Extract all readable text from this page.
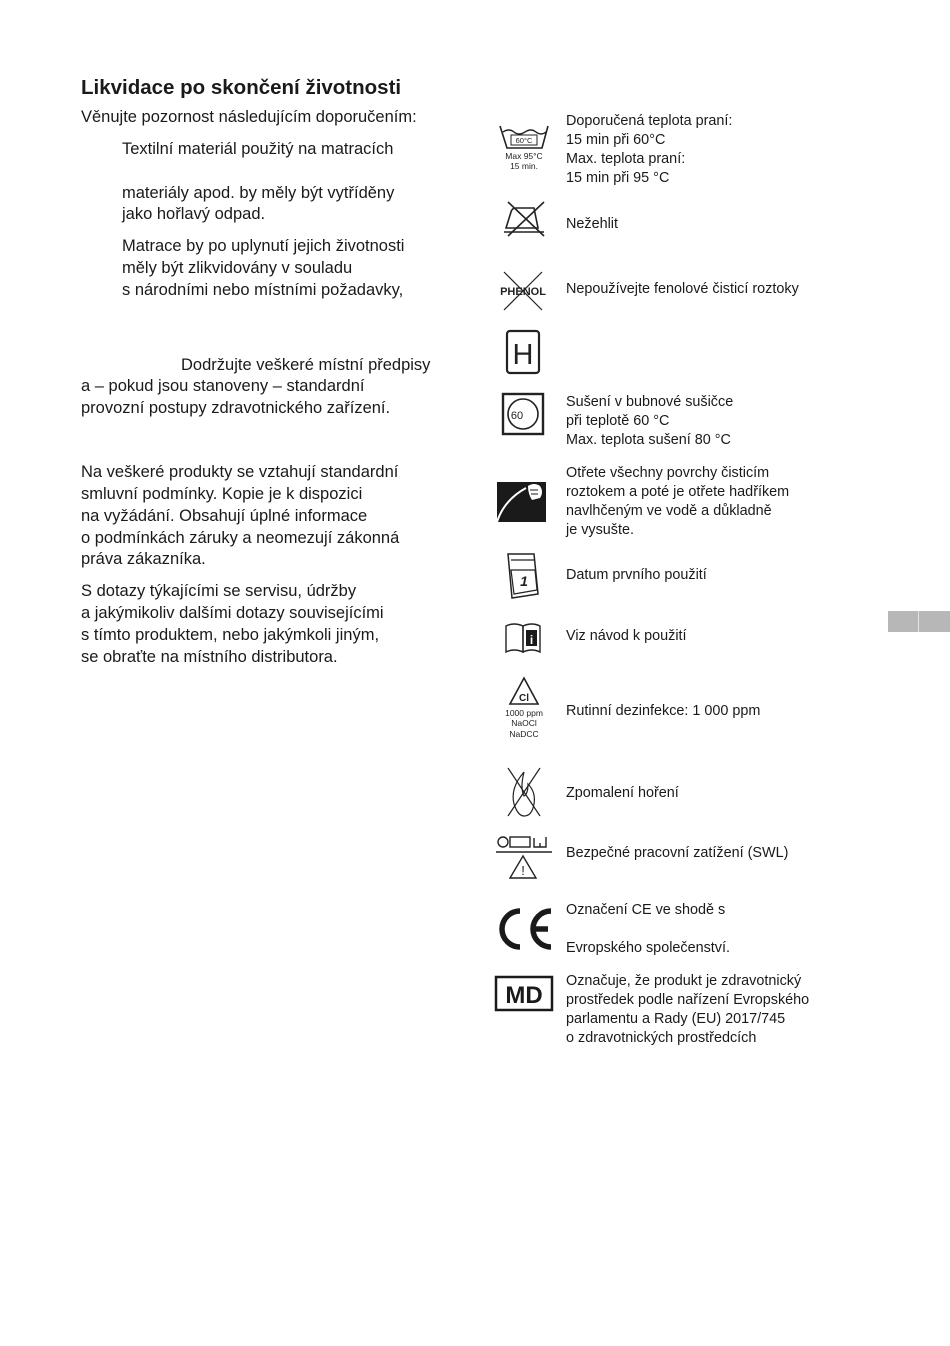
Likvidace po skončení životnosti
Věnujte pozornost následujícím doporučením:
Textilní materiál použitý na matracích
materiály apod. by měly být vytříděny
jako hořlavý odpad.
Matrace by po uplynutí jejich životnosti
měly být zlikvidovány v souladu
s národními nebo místními požadavky,
Dodržujte veškeré místní předpisy
a – pokud jsou stanoveny – standardní
provozní postupy zdravotnického zařízení.
Na veškeré produkty se vztahují standardní
smluvní podmínky. Kopie je k dispozici
na vyžádání. Obsahují úplné informace
o podmínkách záruky a neomezují zákonná
práva zákazníka.
S dotazy týkajícími se servisu, údržby
a jakýmikoliv dalšími dotazy souvisejícími
s tímto produktem, nebo jakýmkoli jiným,
se obraťte na místního distributora.
60°C
Max 95°C
15 min.
Doporučená teplota praní:
15 min při 60°C
Max. teplota praní:
15 min při 95 °C
Nežehlit
PHENOL Nepoužívejte fenolové čisticí roztoky
H
60
Sušení v bubnové sušičce
při teplotě 60 °C
Max. teplota sušení 80 °C
Otřete všechny povrchy čisticím
roztokem a poté je otřete hadříkem
navlhčeným ve vodě a důkladně
je vysušte.
1	Datum prvního použití
i Viz návod k použití
Cl
1000 ppm
NaOCl
NaDCC
Rutinní dezinfekce: 1 000 ppm
Zpomalení hoření
!
Bezpečné pracovní zatížení (SWL)
Označení CE ve shodě s
Evropského společenství.
MD
Označuje, že produkt je zdravotnický
prostředek podle nařízení Evropského
parlamentu a Rady (EU) 2017/745
o zdravotnických prostředcích
